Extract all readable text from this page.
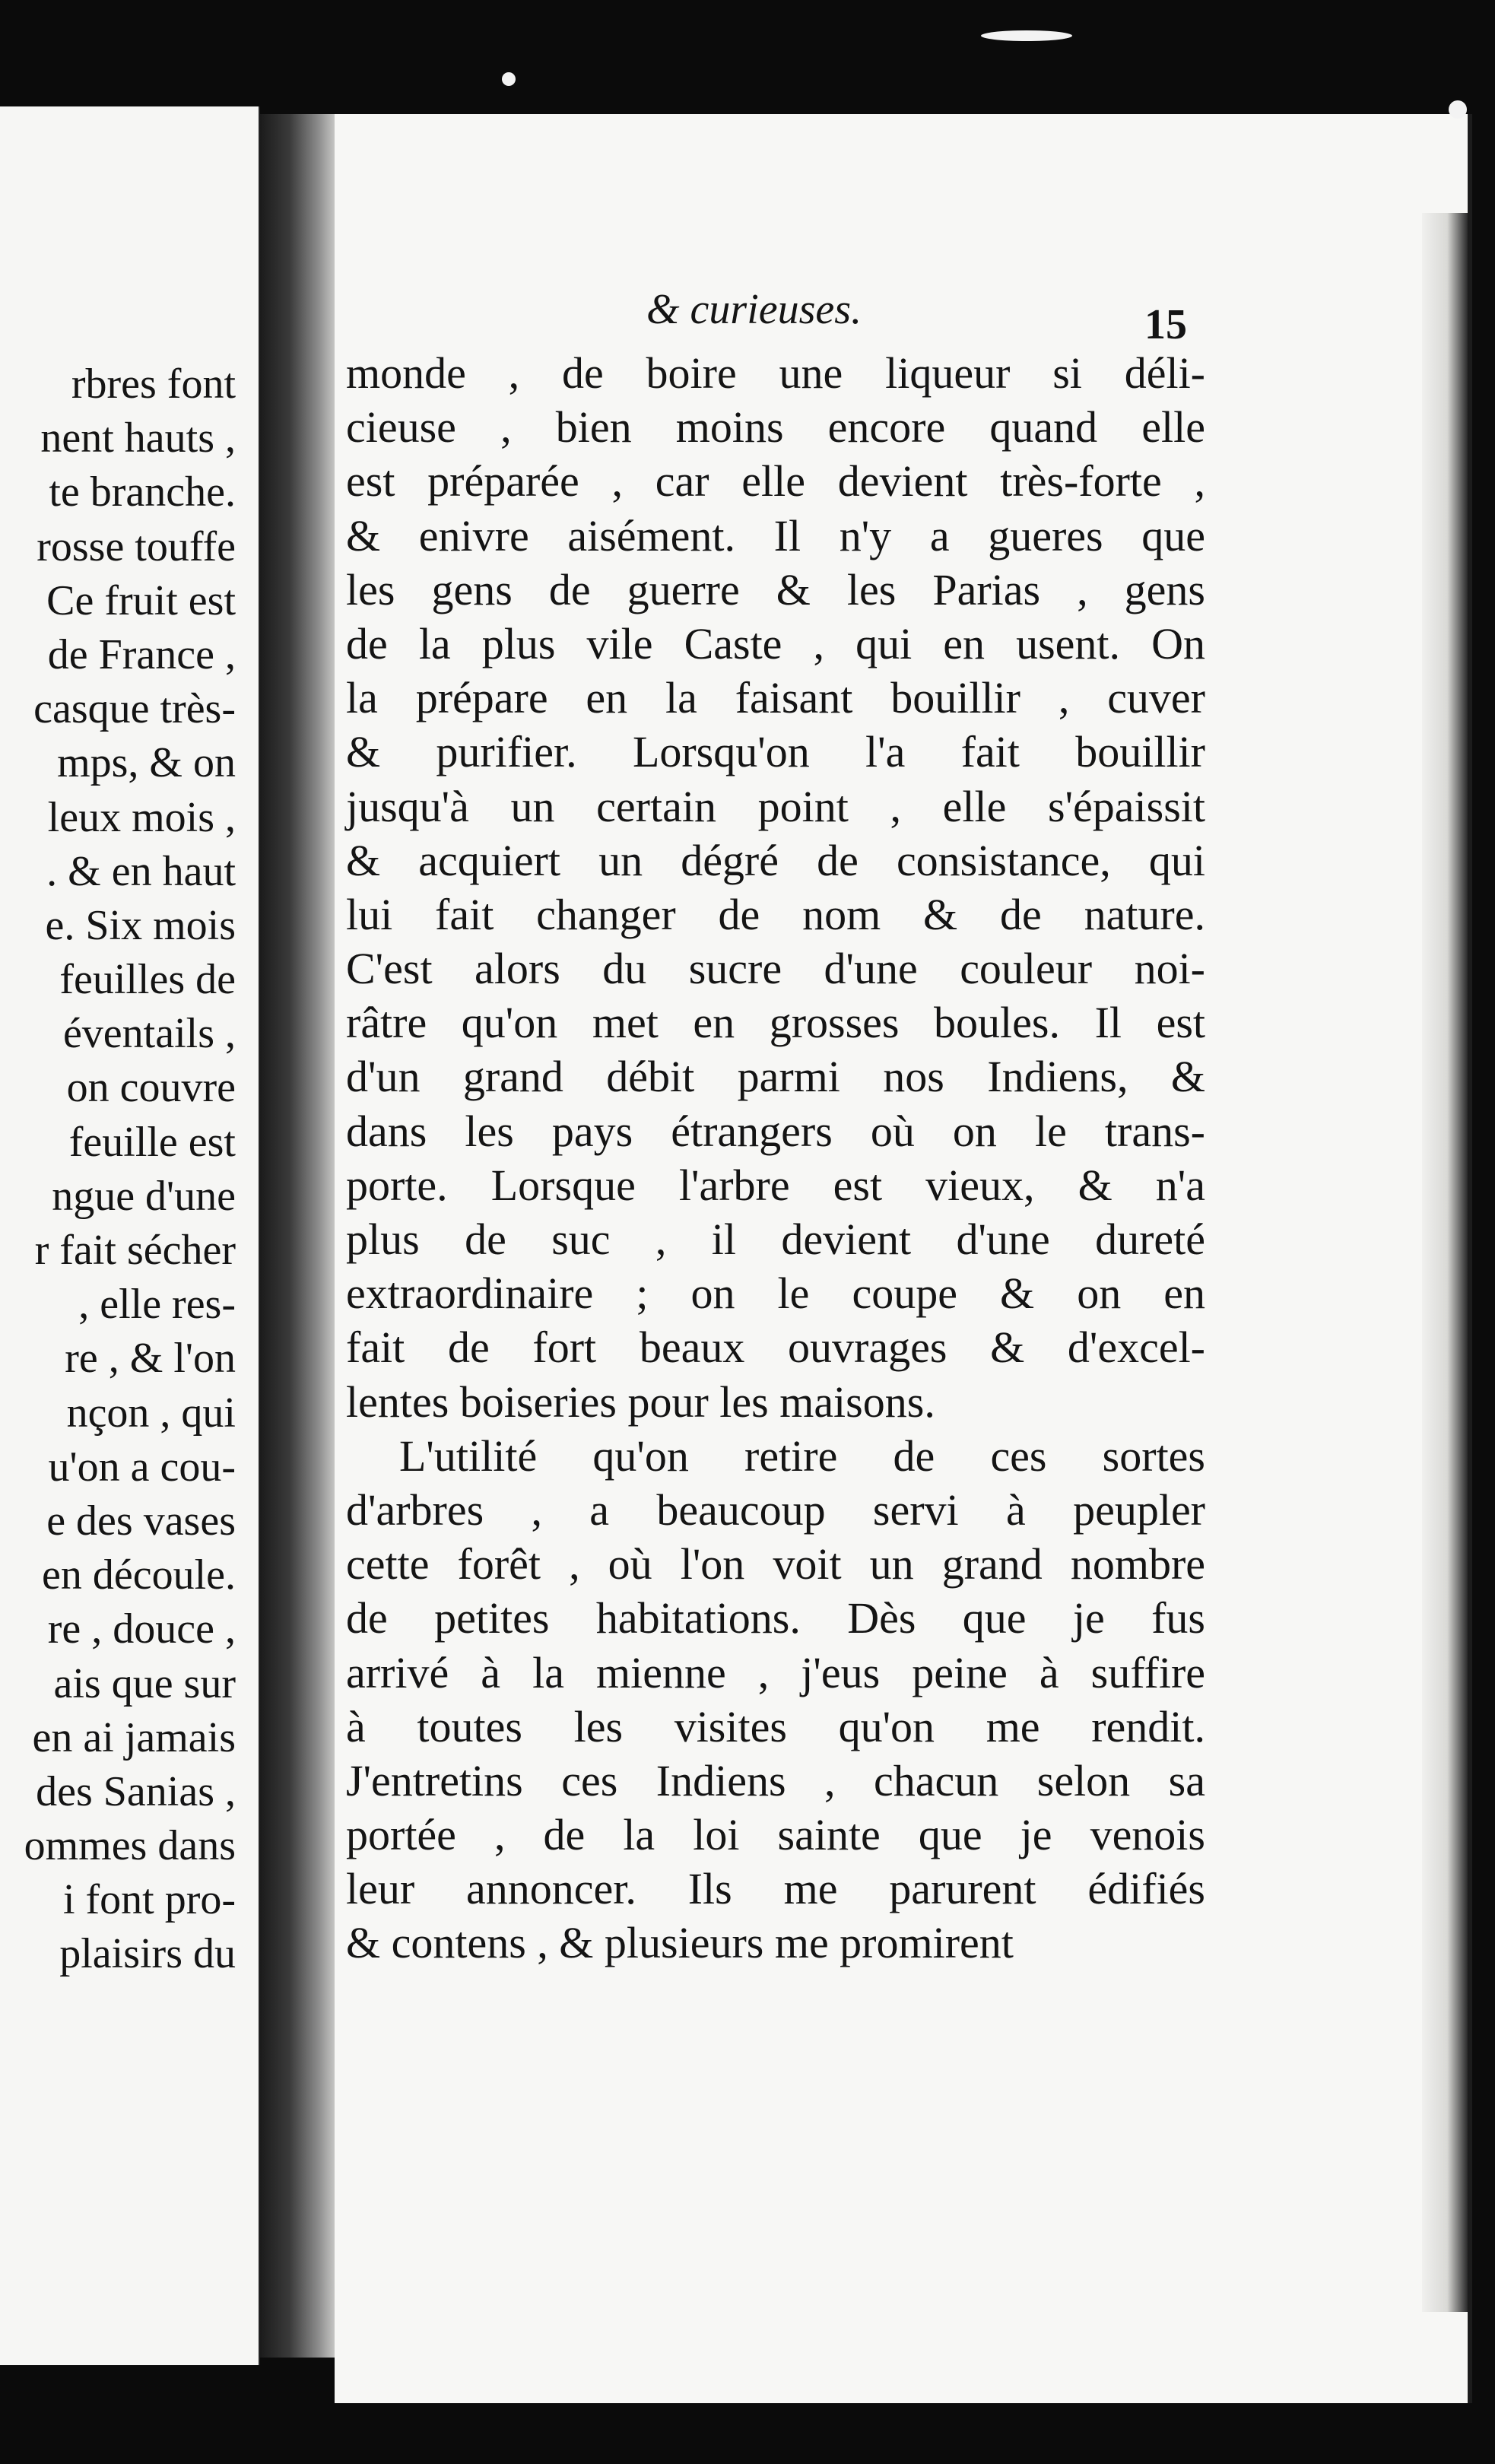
rbres font
nent hauts ,
te branche.
rosse touffe
Ce fruit est
de France ,
casque très-
mps, & on
leux mois ,
. & en haut
e. Six mois
feuilles de
éventails ,
on couvre
feuille est
ngue d'une
r fait sécher
, elle res-
re , & l'on
nçon , qui
u'on a cou-
e des vases
en découle.
re , douce ,
ais que sur
en ai jamais
des Sanias ,
ommes dans
i font pro-
plaisirs du
& curieuses.	15
monde , de boire une liqueur si déli-
cieuse , bien moins encore quand elle
est préparée , car elle devient très-forte ,
& enivre aisément. Il n'y a gueres que
les gens de guerre & les Parias , gens
de la plus vile Caste , qui en usent. On
la prépare en la faisant bouillir , cuver
& purifier. Lorsqu'on l'a fait bouillir
jusqu'à un certain point , elle s'épaissit
& acquiert un dégré de consistance, qui
lui fait changer de nom & de nature.
C'est alors du sucre d'une couleur noi-
râtre qu'on met en grosses boules. Il est
d'un grand débit parmi nos Indiens, &
dans les pays étrangers où on le trans-
porte. Lorsque l'arbre est vieux, & n'a
plus de suc , il devient d'une dureté
extraordinaire ; on le coupe & on en
fait de fort beaux ouvrages & d'excel-
lentes boiseries pour les maisons.
L'utilité qu'on retire de ces sortes
d'arbres , a beaucoup servi à peupler
cette forêt , où l'on voit un grand nombre
de petites habitations. Dès que je fus
arrivé à la mienne , j'eus peine à suffire
à toutes les visites qu'on me rendit.
J'entretins ces Indiens , chacun selon sa
portée , de la loi sainte que je venois
leur annoncer. Ils me parurent édifiés
& contens , & plusieurs me promirent
